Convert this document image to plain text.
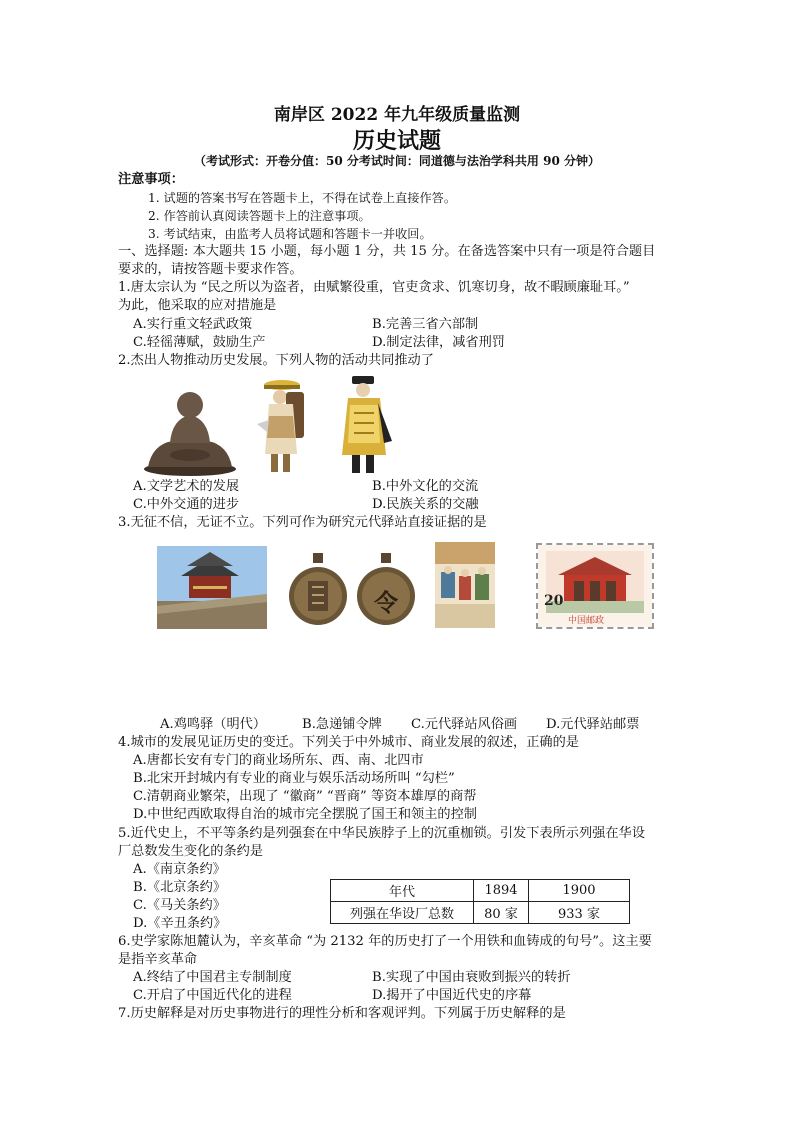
南岸区 2022 年九年级质量监测
历史试题
（考试形式：开卷分值：50 分考试时间：同道德与法治学科共用 90 分钟）
注意事项：
1. 试题的答案书写在答题卡上，不得在试卷上直接作答。
2. 作答前认真阅读答题卡上的注意事项。
3. 考试结束，由监考人员将试题和答题卡一并收回。
一、选择题: 本大题共 15 小题，每小题 1 分，共 15 分。在备选答案中只有一项是符合题目
要求的，请按答题卡要求作答。
1.唐太宗认为 “民之所以为盗者，由赋繁役重，官吏贪求、饥寒切身，故不暇顾廉耻耳。”
为此，他采取的应对措施是
A.实行重文轻武政策	B.完善三省六部制
C.轻徭薄赋，鼓励生产	D.制定法律，减省刑罚
2.杰出人物推动历史发展。下列人物的活动共同推动了
A.文学艺术的发展	B.中外文化的交流
C.中外交通的进步	D.民族关系的交融
3.无征不信，无证不立。下列可作为研究元代驿站直接证据的是
令	20
中国邮政
A.鸡鸣驿（明代）	B.急递铺令牌 C.元代驿站风俗画 D.元代驿站邮票
4.城市的发展见证历史的变迁。下列关于中外城市、商业发展的叙述，正确的是
A.唐都长安有专门的商业场所东、西、南、北四市
B.北宋开封城内有专业的商业与娱乐活动场所叫 “勾栏”
C.清朝商业繁荣，出现了 “徽商” “晋商” 等资本雄厚的商帮
D.中世纪西欧取得自治的城市完全摆脱了国王和领主的控制
5.近代史上，不平等条约是列强套在中华民族脖子上的沉重枷锁。引发下表所示列强在华设
厂总数发生变化的条约是
A.《南京条约》
B.《北京条约》
C.《马关条约》
D.《辛丑条约》
年代	1894	1900
列强在华设厂总数	80 家	933 家
6.史学家陈旭麓认为，辛亥革命 “为 2132 年的历史打了一个用铁和血铸成的句号”。这主要
是指辛亥革命
A.终结了中国君主专制制度	B.实现了中国由衰败到振兴的转折
C.开启了中国近代化的进程	D.揭开了中国近代史的序幕
7.历史解释是对历史事物进行的理性分析和客观评判。下列属于历史解释的是
